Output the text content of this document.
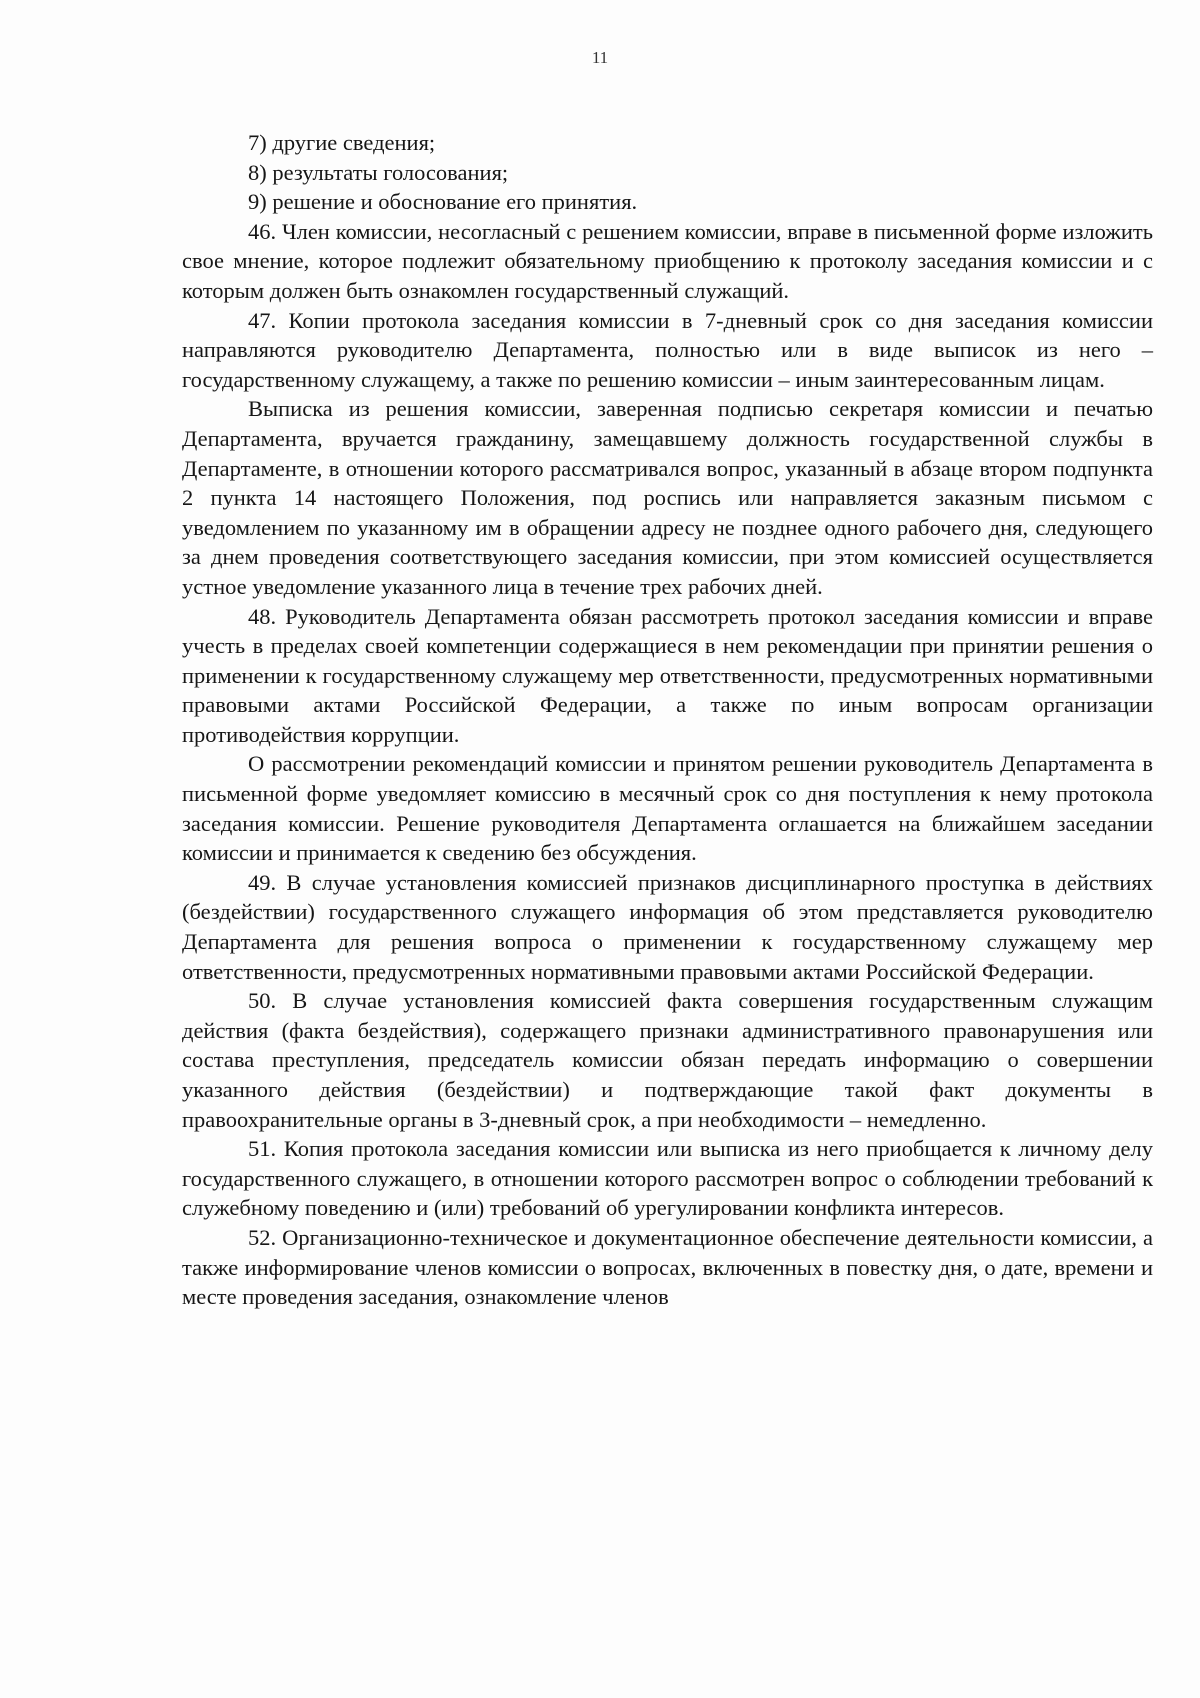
11

7) другие сведения;

8) результаты голосования;

9) решение и обоснование его принятия.

46. Член комиссии, несогласный с решением комиссии, вправе в письменной форме изложить свое мнение, которое подлежит обязательному приобщению к протоколу заседания комиссии и с которым должен быть ознакомлен государственный служащий.

47. Копии протокола заседания комиссии в 7-дневный срок со дня заседания комиссии направляются руководителю Департамента, полностью или в виде выписок из него – государственному служащему, а также по решению комиссии – иным заинтересованным лицам.

Выписка из решения комиссии, заверенная подписью секретаря комиссии и печатью Департамента, вручается гражданину, замещавшему должность государственной службы в Департаменте, в отношении которого рассматривался вопрос, указанный в абзаце втором подпункта 2 пункта 14 настоящего Положения, под роспись или направляется заказным письмом с уведомлением по указанному им в обращении адресу не позднее одного рабочего дня, следующего за днем проведения соответствующего заседания комиссии, при этом комиссией осуществляется устное уведомление указанного лица в течение трех рабочих дней.

48. Руководитель Департамента обязан рассмотреть протокол заседания комиссии и вправе учесть в пределах своей компетенции содержащиеся в нем рекомендации при принятии решения о применении к государственному служащему мер ответственности, предусмотренных нормативными правовыми актами Российской Федерации, а также по иным вопросам организации противодействия коррупции.

О рассмотрении рекомендаций комиссии и принятом решении руководитель Департамента в письменной форме уведомляет комиссию в месячный срок со дня поступления к нему протокола заседания комиссии. Решение руководителя Департамента оглашается на ближайшем заседании комиссии и принимается к сведению без обсуждения.

49. В случае установления комиссией признаков дисциплинарного проступка в действиях (бездействии) государственного служащего информация об этом представляется руководителю Департамента для решения вопроса о применении к государственному служащему мер ответственности, предусмотренных нормативными правовыми актами Российской Федерации.

50. В случае установления комиссией факта совершения государственным служащим действия (факта бездействия), содержащего признаки административного правонарушения или состава преступления, председатель комиссии обязан передать информацию о совершении указанного действия (бездействии) и подтверждающие такой факт документы в правоохранительные органы в 3-дневный срок, а при необходимости – немедленно.

51. Копия протокола заседания комиссии или выписка из него приобщается к личному делу государственного служащего, в отношении которого рассмотрен вопрос о соблюдении требований к служебному поведению и (или) требований об урегулировании конфликта интересов.

52. Организационно-техническое и документационное обеспечение деятельности комиссии, а также информирование членов комиссии о вопросах, включенных в повестку дня, о дате, времени и месте проведения заседания, ознакомление членов
